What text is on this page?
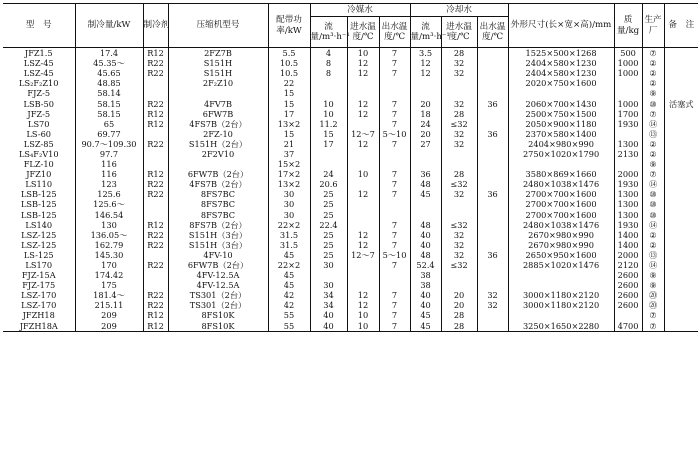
型　号	制冷量/kW	制冷剂	压缩机型号	配带功率/kW	冷媒水			冷却水			外形尺寸(长×宽×高)/mm	质量/kg	生产厂	备　注
					流量/m³·h⁻¹	进水温度/℃	出水温度/℃	流量/m³·h⁻¹	进水温度/℃	出水温度/℃				
JFZ1.5	17.4	R12	2FZ7B	5.5	4	10	7	3.5	28		1525×500×1268	500	⑦	
LSZ-45	45.35～	R22	S151H	10.5	8	12	7	12	32		2404×580×1230	1000	②	
LSZ-45	45.65	R22	S151H	10.5	8	12	7	12	32		2404×580×1230	1000	②	
LS₂F₂Z10	48.85		2F₂Z10	22							2020×750×1600		②	
FJZ-5	58.14			15									⑨	活塞式
LSB-50	58.15	R22	4FV7B	15	10	12	7	20	32	36	2060×700×1430	1000	⑩	
JFZ-5	58.15	R12	6FW7B	17	10	12	7	18	28		2500×750×1500	1700	⑦	
LS70	65	R12	4FS7B（2台）	13×2	11.2		7	24	≤32		2050×900×1180	1930	⑭	
LS-60	69.77		2FZ-10	15	15	12～7	5～10	20	32	36	2370×580×1400		⑬	
LSZ-85	90.7～109.30	R22	S151H（2台）	21	17	12	7	27	32		2404×980×990	1300	②	
LS₄F₂V10	97.7		2F2V10	37							2750×1020×1790	2130	②	
FLZ-10	116			15×2									⑨	
JFZ10	116	R12	6FW7B（2台）	17×2	24	10	7	36	28		3580×869×1660	2000	⑦	
LS110	123	R22	4FS7B（2台）	13×2	20.6		7	48	≤32		2480×1038×1476	1930	⑭	
LSB-125	125.6	R22	8FS7BC	30	25	12	7	45	32	36	2700×700×1600	1300	⑩	
LSB-125	125.6～		8FS7BC	30	25						2700×700×1600	1300	⑩	
LSB-125	146.54		8FS7BC	30	25						2700×700×1600	1300	⑩	
LS140	130	R12	8FS7B（2台）	22×2	22.4		7	48	≤32		2480×1038×1476	1930	⑭	
LSZ-125	136.05～	R22	S151H（3台）	31.5	25	12	7	40	32		2670×980×990	1400	②	
LSZ-125	162.79	R22	S151H（3台）	31.5	25	12	7	40	32		2670×980×990	1400	②	
LS-125	145.30		4FV-10	45	25	12～7	5～10	48	32	36	2650×950×1600	2000	⑬	
LS170	170	R22	6FW7B（2台）	22×2	30		7	52.4	≤32		2885×1020×1476	2120	⑭	
FJZ-15A	174.42		4FV-12.5A	45				38				2600	⑨	
FJZ-175	175		4FV-12.5A	45	30			38				2600	⑨	
LSZ-170	181.4～	R22	TS301（2台）	42	34	12	7	40	20	32	3000×1180×2120	2600	⑳	
LSZ-170	215.11	R22	TS301（2台）	42	34	12	7	40	20	32	3000×1180×2120	2600	⑳	
JFZH18	209	R12	8FS10K	55	40	10	7	45	28				⑦	
JFZH18A	209	R12	8FS10K	55	40	10	7	45	28		3250×1650×2280	4700	⑦	
